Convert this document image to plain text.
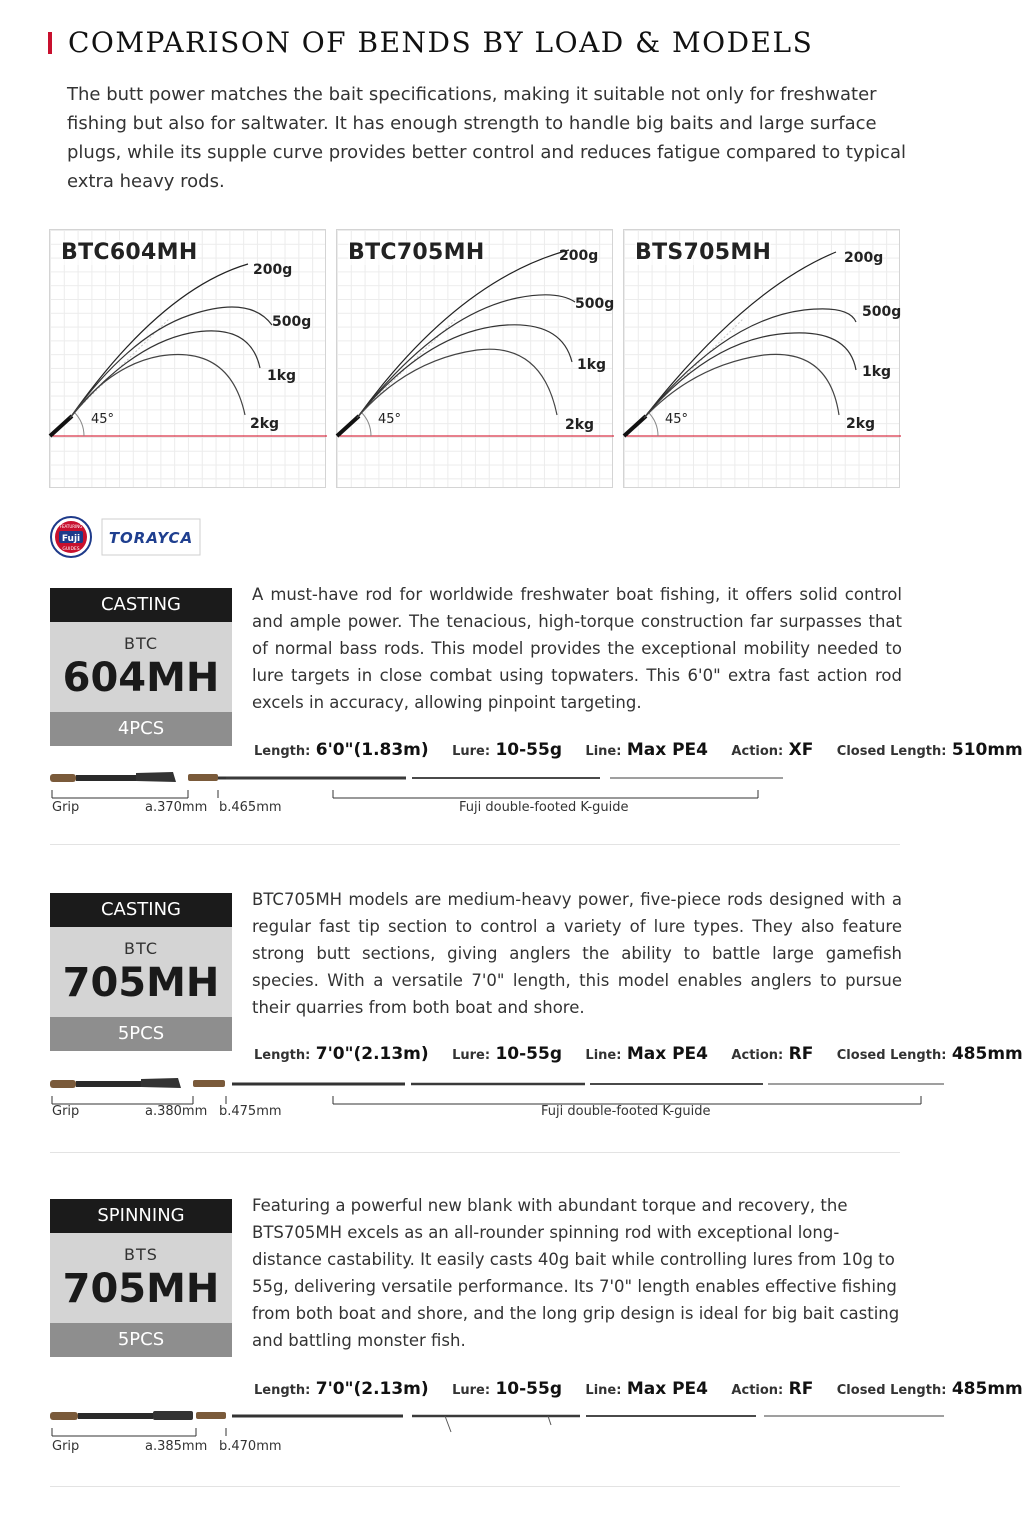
COMPARISON OF BENDS BY LOAD & MODELS

The butt power matches the bait specifications, making it suitable not only for freshwater fishing but also for saltwater. It has enough strength to handle big baits and large surface plugs, while its supple curve provides better control and reduces fatigue compared to typical extra heavy rods.

200g
500g
1kg
2kg
45°
BTC604MH	200g
500g
1kg
2kg
45°
BTC705MH	200g
500g
1kg
2kg
45°
BTS705MH
Fuji
FEATURING
GUIDES
TORAYCA
CASTING
BTC
604MH
4PCS

A must-have rod for worldwide freshwater boat fishing, it offers solid control and ample power. The tenacious, high-torque construction far surpasses that of normal bass rods. This model provides the exceptional mobility needed to lure targets in close combat using topwaters. This 6'0" extra fast action rod excels in accuracy, allowing pinpoint targeting.

Length: 6'0"(1.83m) Lure: 10-55g Line: Max PE4 Action: XF Closed Length: 510mm
Grip	a.370mm b.465mm	Fuji double-footed K-guide
CASTING
BTC
705MH
5PCS

BTC705MH models are medium-heavy power, five-piece rods designed with a regular fast tip section to control a variety of lure types. They also feature strong butt sections, giving anglers the ability to battle large gamefish species. With a versatile 7'0" length, this model enables anglers to pursue their quarries from both boat and shore.

Length: 7'0"(2.13m) Lure: 10-55g Line: Max PE4 Action: RF Closed Length: 485mm
Grip	a.380mm b.475mm	Fuji double-footed K-guide
SPINNING
BTS
705MH
5PCS

Featuring a powerful new blank with abundant torque and recovery, the BTS705MH excels as an all-rounder spinning rod with exceptional long-distance castability. It easily casts 40g bait while controlling lures from 10g to 55g, delivering versatile performance. Its 7'0" length enables effective fishing from both boat and shore, and the long grip design is ideal for big bait casting and battling monster fish.

Length: 7'0"(2.13m) Lure: 10-55g Line: Max PE4 Action: RF Closed Length: 485mm
Grip	a.385mm b.470mm
